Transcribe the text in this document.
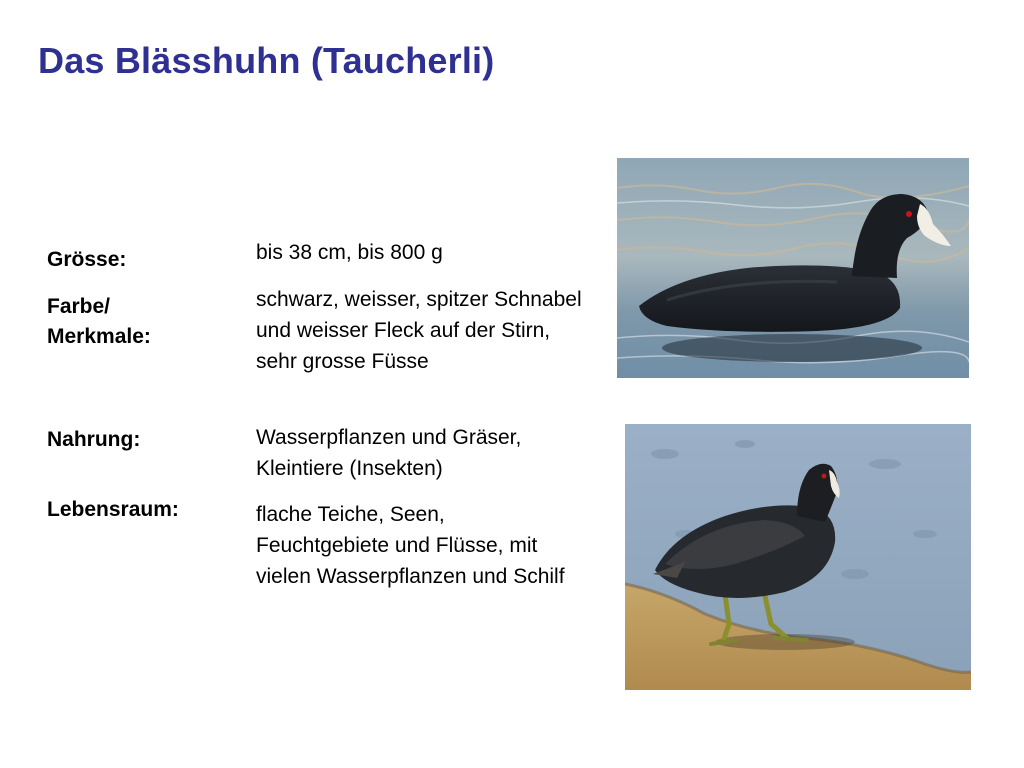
Das Blässhuhn (Taucherli)
Grösse:
Farbe/
Merkmale:
Nahrung:
Lebensraum:
bis 38 cm, bis 800 g
schwarz, weisser, spitzer Schnabel und weisser Fleck auf der Stirn, sehr grosse Füsse
Wasserpflanzen und Gräser, Kleintiere (Insekten)
flache Teiche, Seen, Feuchtgebiete und Flüsse, mit vielen Wasserpflanzen und Schilf
